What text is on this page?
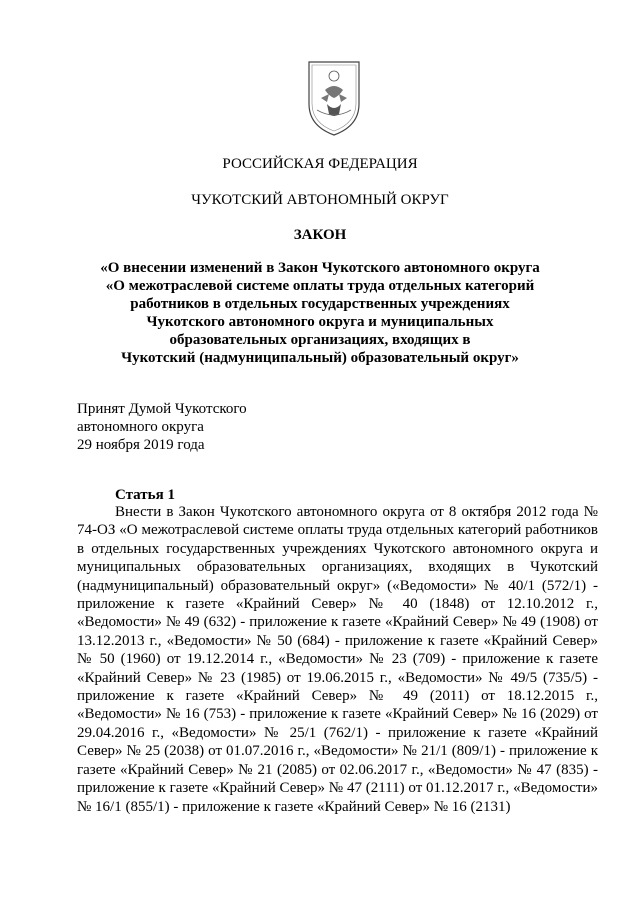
РОССИЙСКАЯ ФЕДЕРАЦИЯ
ЧУКОТСКИЙ АВТОНОМНЫЙ ОКРУГ
ЗАКОН
«О внесении изменений в Закон Чукотского автономного округа
«О межотраслевой системе оплаты труда отдельных категорий
работников в отдельных государственных учреждениях
Чукотского автономного округа и муниципальных
образовательных организациях, входящих в
Чукотский (надмуниципальный) образовательный округ»
Принят Думой Чукотского
автономного округа
29 ноября 2019 года
Статья 1

Внести в Закон Чукотского автономного округа от 8 октября 2012 года № 74-ОЗ «О межотраслевой системе оплаты труда отдельных категорий работников в отдельных государственных учреждениях Чукотского автономного округа и муниципальных образовательных организациях, входящих в Чукотский (надмуниципальный) образовательный округ» («Ведомости» № 40/1 (572/1) - приложение к газете «Крайний Север» № 40 (1848) от 12.10.2012 г., «Ведомости» № 49 (632) - приложение к газете «Крайний Север» № 49 (1908) от 13.12.2013 г., «Ведомости» № 50 (684) - приложение к газете «Крайний Север» № 50 (1960) от 19.12.2014 г., «Ведомости» № 23 (709) - приложение к газете «Крайний Север» № 23 (1985) от 19.06.2015 г., «Ведомости» № 49/5 (735/5) - приложение к газете «Крайний Север» № 49 (2011) от 18.12.2015 г., «Ведомости» № 16 (753) - приложение к газете «Крайний Север» № 16 (2029) от 29.04.2016 г., «Ведомости» № 25/1 (762/1) - приложение к газете «Крайний Север» № 25 (2038) от 01.07.2016 г., «Ведомости» № 21/1 (809/1) - приложение к газете «Крайний Север» № 21 (2085) от 02.06.2017 г., «Ведомости» № 47 (835) - приложение к газете «Крайний Север» № 47 (2111) от 01.12.2017 г., «Ведомости» № 16/1 (855/1) - приложение к газете «Крайний Север» № 16 (2131)
